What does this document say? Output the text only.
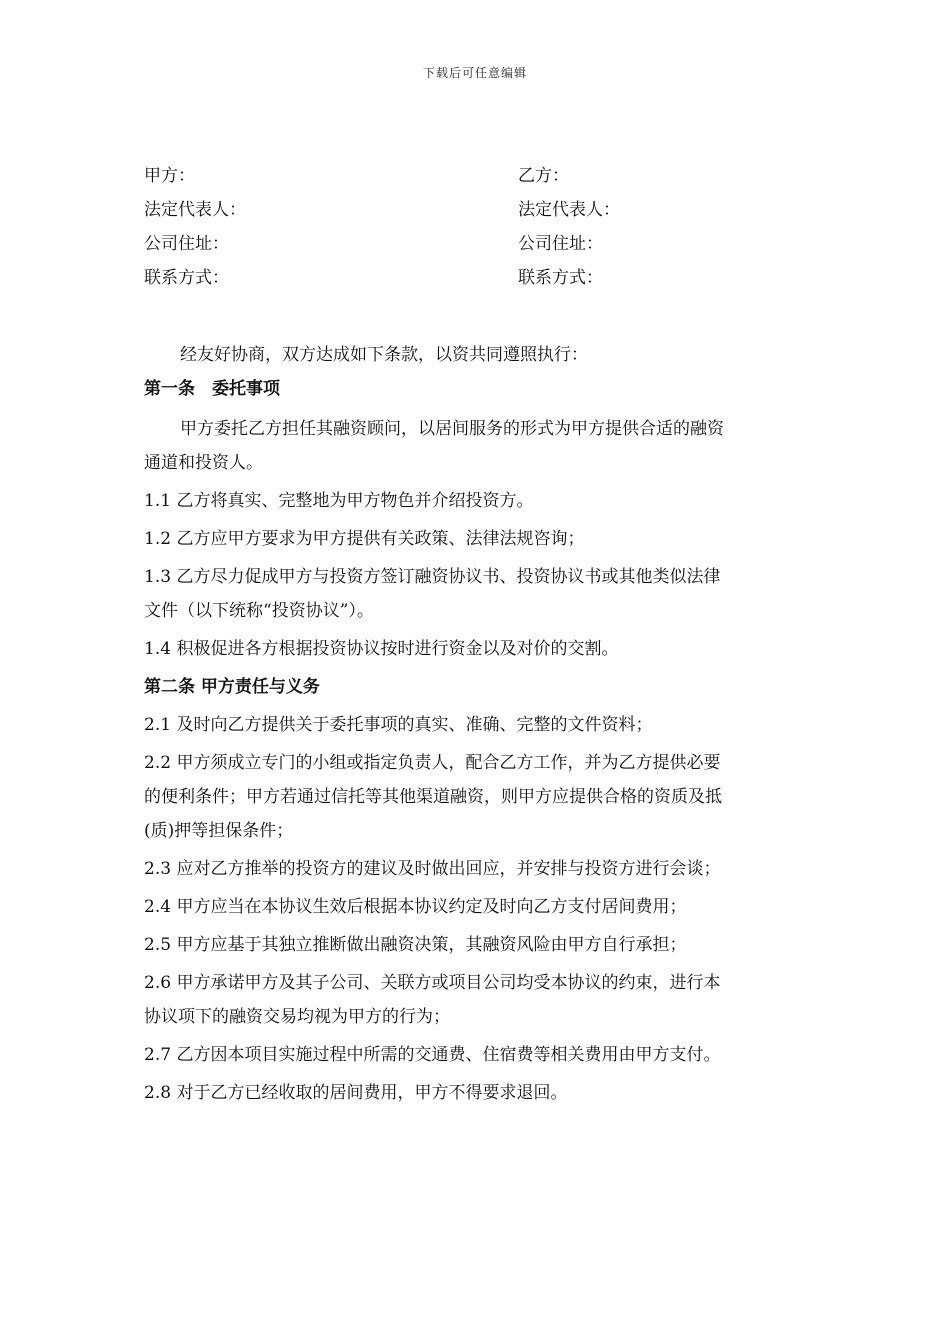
下载后可任意编辑
甲方：	乙方：
法定代表人：	法定代表人：
公司住址：	公司住址：
联系方式：	联系方式：

经友好协商，双方达成如下条款，以资共同遵照执行：

第一条　委托事项

甲方委托乙方担任其融资顾问，以居间服务的形式为甲方提供合适的融资

通道和投资人。

1.1 乙方将真实、完整地为甲方物色并介绍投资方。

1.2 乙方应甲方要求为甲方提供有关政策、法律法规咨询；

1.3 乙方尽力促成甲方与投资方签订融资协议书、投资协议书或其他类似法律

文件（以下统称“投资协议”）。

1.4 积极促进各方根据投资协议按时进行资金以及对价的交割。

第二条 甲方责任与义务

2.1 及时向乙方提供关于委托事项的真实、准确、完整的文件资料；

2.2 甲方须成立专门的小组或指定负责人，配合乙方工作，并为乙方提供必要

的便利条件；甲方若通过信托等其他渠道融资，则甲方应提供合格的资质及抵

(质)押等担保条件；

2.3 应对乙方推举的投资方的建议及时做出回应，并安排与投资方进行会谈；

2.4 甲方应当在本协议生效后根据本协议约定及时向乙方支付居间费用；

2.5 甲方应基于其独立推断做出融资决策，其融资风险由甲方自行承担；

2.6 甲方承诺甲方及其子公司、关联方或项目公司均受本协议的约束，进行本

协议项下的融资交易均视为甲方的行为；

2.7 乙方因本项目实施过程中所需的交通费、住宿费等相关费用由甲方支付。

2.8 对于乙方已经收取的居间费用，甲方不得要求退回。
